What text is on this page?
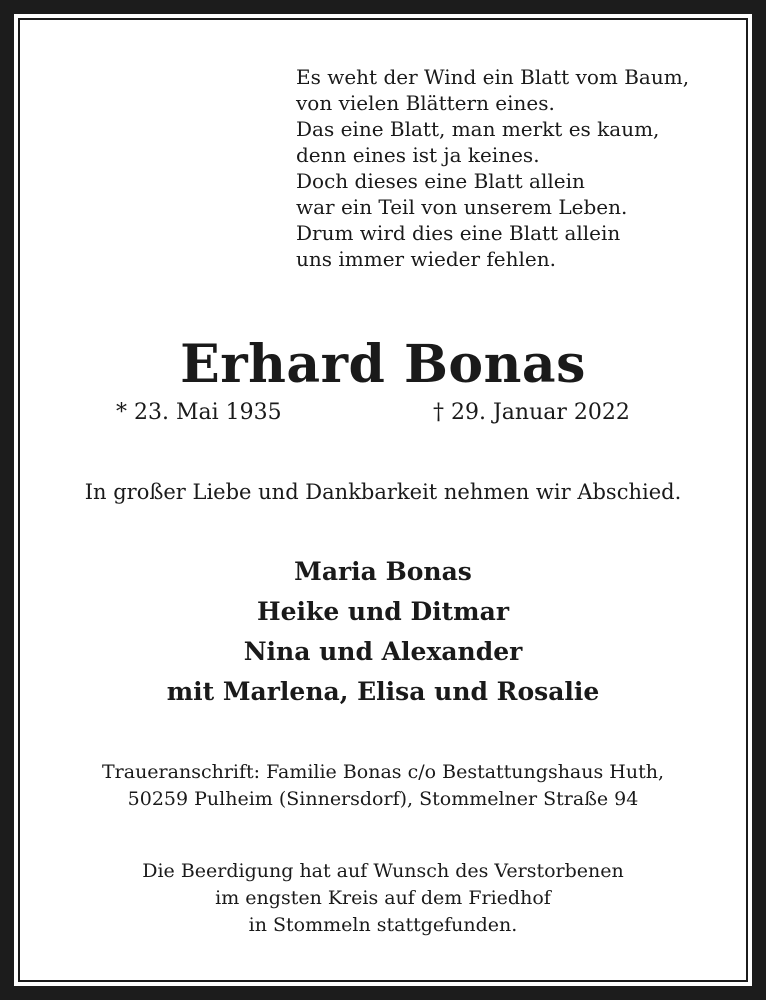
Es weht der Wind ein Blatt vom Baum,
von vielen Blättern eines.
Das eine Blatt, man merkt es kaum,
denn eines ist ja keines.
Doch dieses eine Blatt allein
war ein Teil von unserem Leben.
Drum wird dies eine Blatt allein
uns immer wieder fehlen.
Erhard Bonas
* 23. Mai 1935	† 29. Januar 2022
In großer Liebe und Dankbarkeit nehmen wir Abschied.
Maria Bonas
Heike und Ditmar
Nina und Alexander
mit Marlena, Elisa und Rosalie
Traueranschrift: Familie Bonas c/o Bestattungshaus Huth,
50259 Pulheim (Sinnersdorf), Stommelner Straße 94
Die Beerdigung hat auf Wunsch des Verstorbenen
im engsten Kreis auf dem Friedhof
in Stommeln stattgefunden.
